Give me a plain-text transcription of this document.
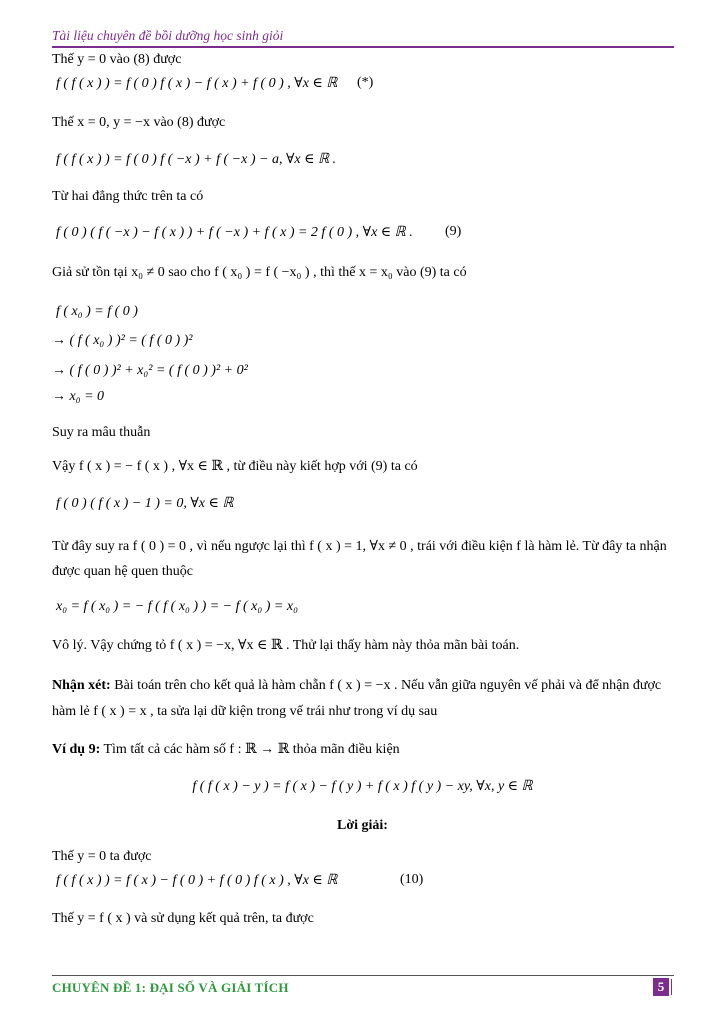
Tài liệu chuyên đề bồi dưỡng học sinh giỏi
Thế y = 0 vào (8) được
f ( f ( x ) ) = f ( 0 ) f ( x ) − f ( x ) + f ( 0 ) , ∀x ∈ ℝ (*)
Thế x = 0, y = −x vào (8) được
f ( f ( x ) ) = f ( 0 ) f ( −x ) + f ( −x ) − a, ∀x ∈ ℝ .
Từ hai đẳng thức trên ta có
f ( 0 ) ( f ( −x ) − f ( x ) ) + f ( −x ) + f ( x ) = 2 f ( 0 ) , ∀x ∈ ℝ . (9)
Giả sử tồn tại x₀ ≠ 0 sao cho f ( x₀ ) = f ( −x₀ ) , thì thế x = x₀ vào (9) ta có
f ( x₀ ) = f ( 0 )
→ ( f ( x₀ ) )² = ( f ( 0 ) )²
→ ( f ( 0 ) )² + x₀² = ( f ( 0 ) )² + 0²
→ x₀ = 0
Suy ra mâu thuẫn
Vậy f ( x ) = − f ( x ) , ∀x ∈ ℝ , từ điều này kiết hợp với (9) ta có
f ( 0 ) ( f ( x ) − 1 ) = 0, ∀x ∈ ℝ
Từ đây suy ra f ( 0 ) = 0 , vì nếu ngược lại thì f ( x ) = 1, ∀x ≠ 0 , trái với điều kiện f là hàm lẻ. Từ đây ta nhận
được quan hệ quen thuộc
x₀ = f ( x₀ ) = − f ( f ( x₀ ) ) = − f ( x₀ ) = x₀
Vô lý. Vậy chứng tỏ f ( x ) = −x, ∀x ∈ ℝ . Thử lại thấy hàm này thỏa mãn bài toán.
Nhận xét: Bài toán trên cho kết quả là hàm chẵn f ( x ) = −x . Nếu vẫn giữa nguyên vế phải và để nhận được
hàm lẻ f ( x ) = x , ta sửa lại dữ kiện trong vế trái như trong ví dụ sau
Ví dụ 9: Tìm tất cả các hàm số f : ℝ → ℝ thỏa mãn điều kiện
f ( f ( x ) − y ) = f ( x ) − f ( y ) + f ( x ) f ( y ) − xy, ∀x, y ∈ ℝ
Lời giải:
Thế y = 0 ta được
f ( f ( x ) ) = f ( x ) − f ( 0 ) + f ( 0 ) f ( x ) , ∀x ∈ ℝ	(10)
Thế y = f ( x ) và sử dụng kết quả trên, ta được
CHUYÊN ĐỀ 1: ĐẠI SỐ VÀ GIẢI TÍCH	5
